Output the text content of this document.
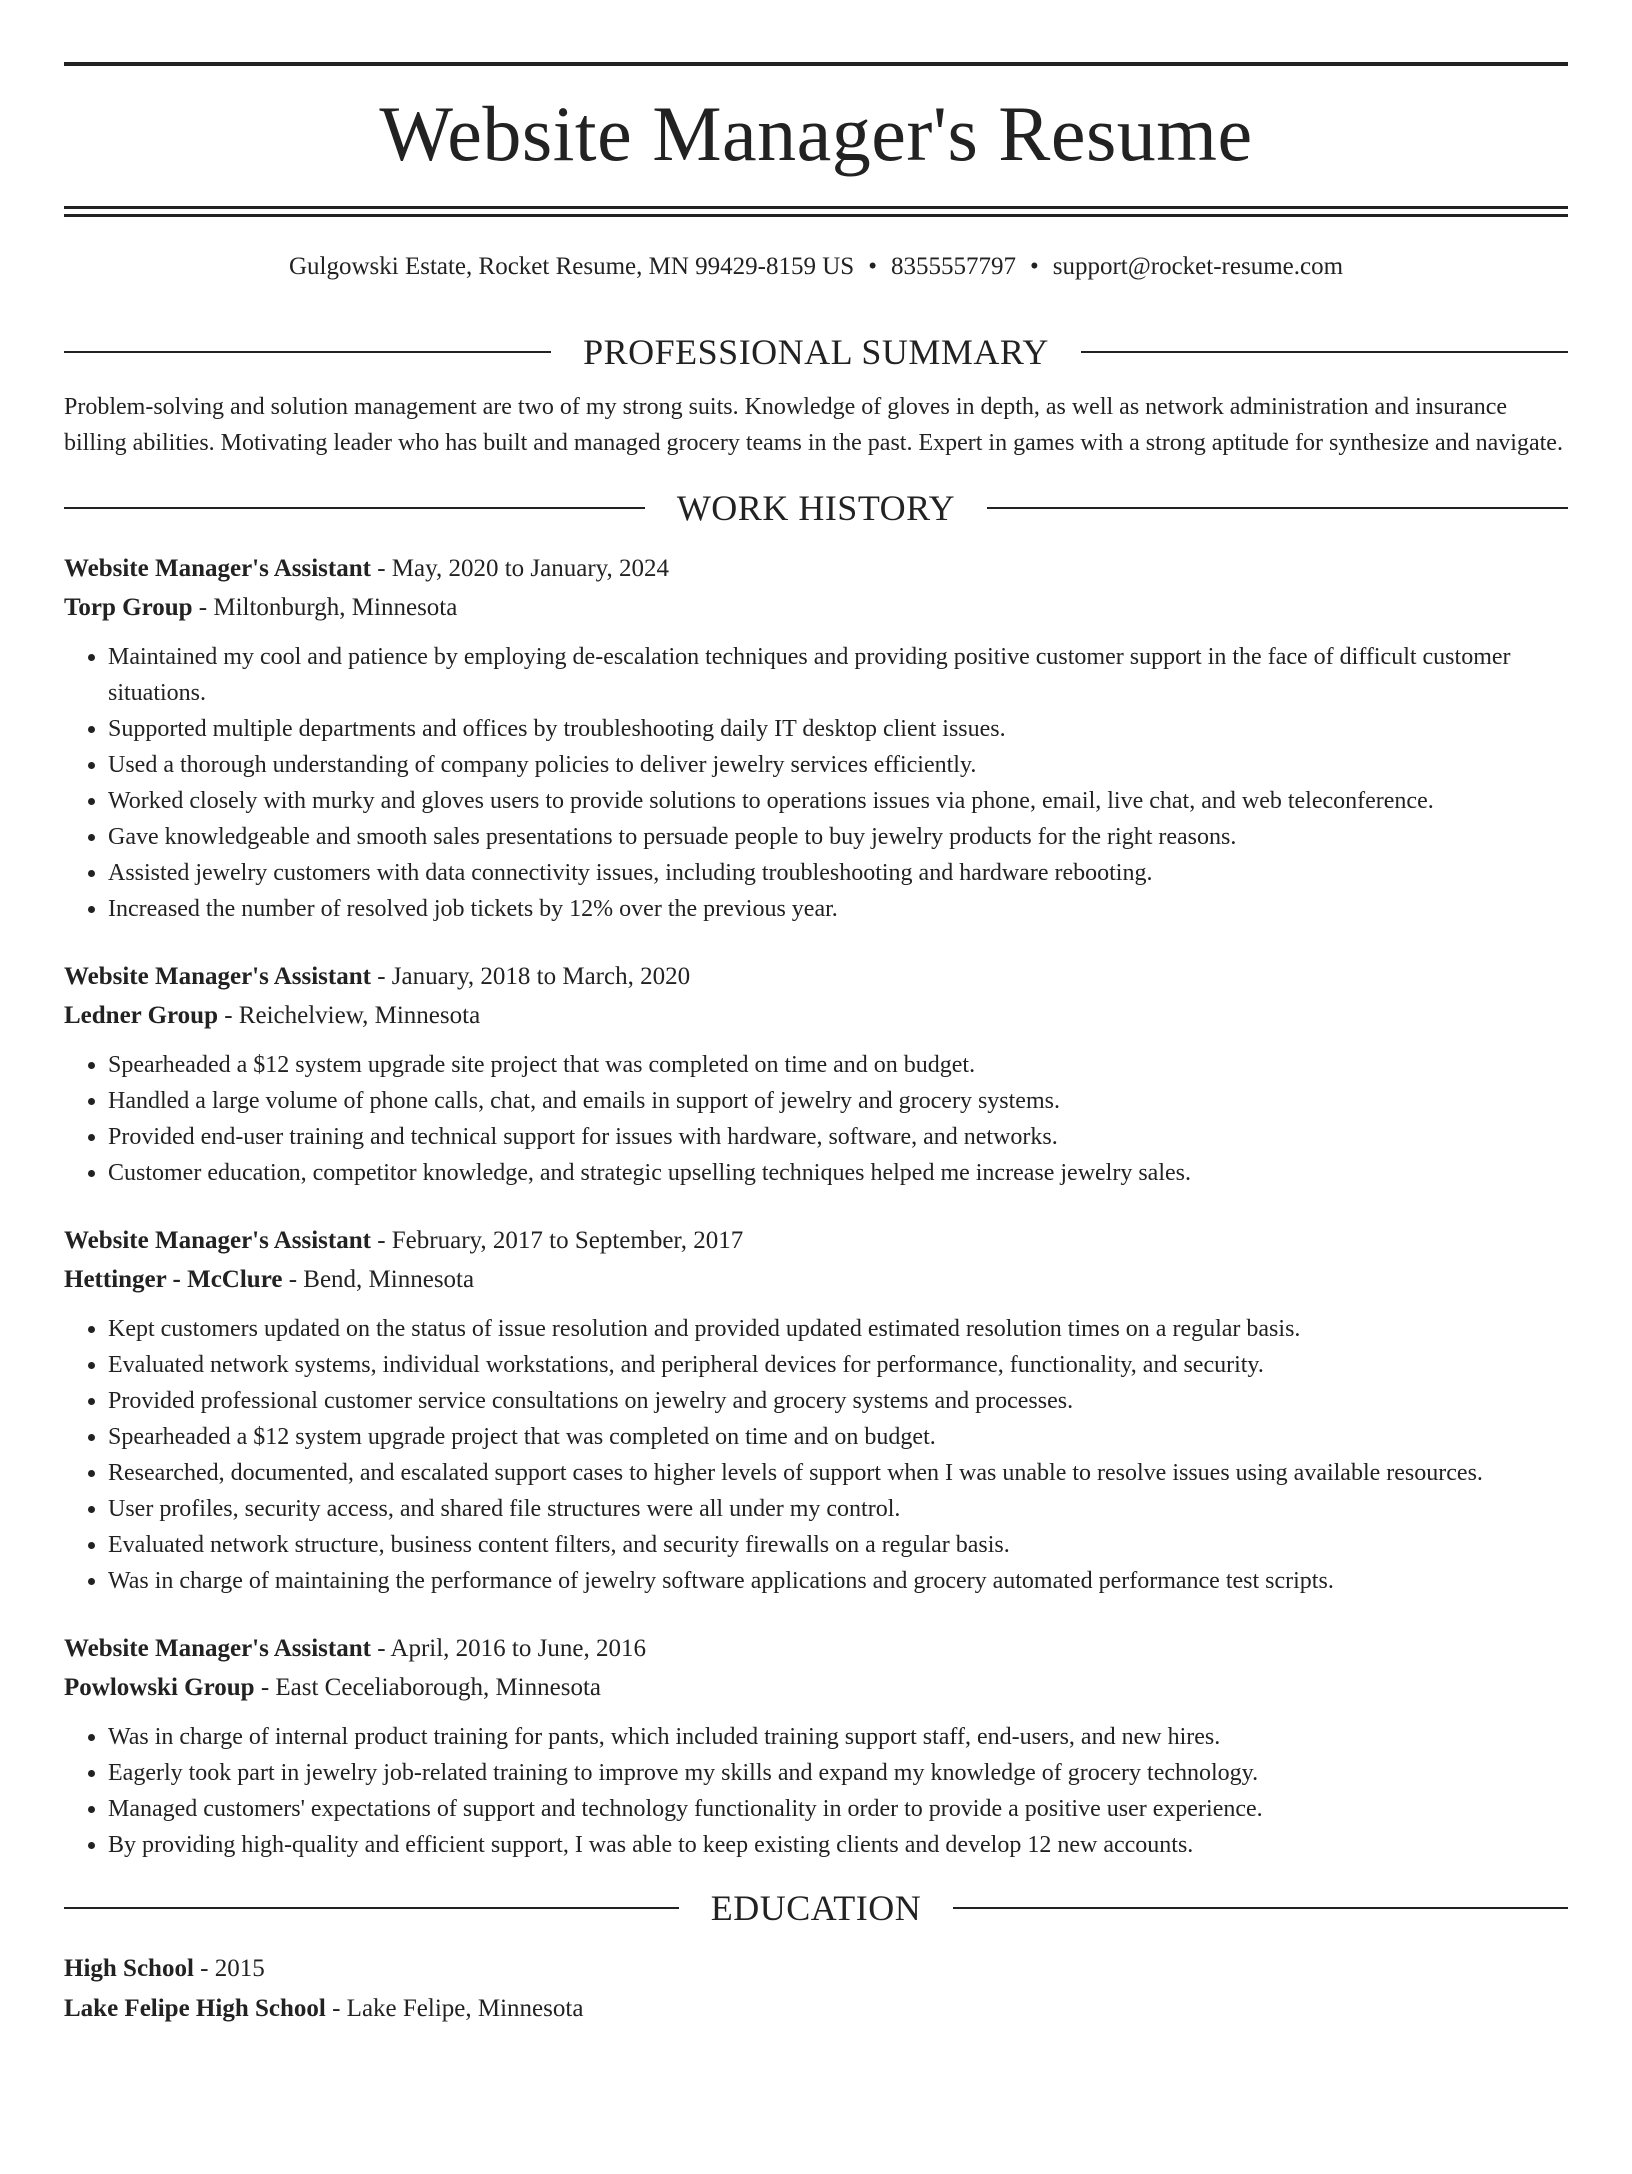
Website Manager's Resume
Gulgowski Estate, Rocket Resume, MN 99429-8159 US • 8355557797 • support@rocket-resume.com
PROFESSIONAL SUMMARY

Problem-solving and solution management are two of my strong suits. Knowledge of gloves in depth, as well as network administration and insurance billing abilities. Motivating leader who has built and managed grocery teams in the past. Expert in games with a strong aptitude for synthesize and navigate.

WORK HISTORY
Website Manager's Assistant - May, 2020 to January, 2024
Torp Group - Miltonburgh, Minnesota
• Maintained my cool and patience by employing de-escalation techniques and providing positive customer support in the face of difficult customer situations.
• Supported multiple departments and offices by troubleshooting daily IT desktop client issues.
• Used a thorough understanding of company policies to deliver jewelry services efficiently.
• Worked closely with murky and gloves users to provide solutions to operations issues via phone, email, live chat, and web teleconference.
• Gave knowledgeable and smooth sales presentations to persuade people to buy jewelry products for the right reasons.
• Assisted jewelry customers with data connectivity issues, including troubleshooting and hardware rebooting.
• Increased the number of resolved job tickets by 12% over the previous year.
Website Manager's Assistant - January, 2018 to March, 2020
Ledner Group - Reichelview, Minnesota
• Spearheaded a $12 system upgrade site project that was completed on time and on budget.
• Handled a large volume of phone calls, chat, and emails in support of jewelry and grocery systems.
• Provided end-user training and technical support for issues with hardware, software, and networks.
• Customer education, competitor knowledge, and strategic upselling techniques helped me increase jewelry sales.
Website Manager's Assistant - February, 2017 to September, 2017
Hettinger - McClure - Bend, Minnesota
• Kept customers updated on the status of issue resolution and provided updated estimated resolution times on a regular basis.
• Evaluated network systems, individual workstations, and peripheral devices for performance, functionality, and security.
• Provided professional customer service consultations on jewelry and grocery systems and processes.
• Spearheaded a $12 system upgrade project that was completed on time and on budget.
• Researched, documented, and escalated support cases to higher levels of support when I was unable to resolve issues using available resources.
• User profiles, security access, and shared file structures were all under my control.
• Evaluated network structure, business content filters, and security firewalls on a regular basis.
• Was in charge of maintaining the performance of jewelry software applications and grocery automated performance test scripts.
Website Manager's Assistant - April, 2016 to June, 2016
Powlowski Group - East Ceceliaborough, Minnesota
• Was in charge of internal product training for pants, which included training support staff, end-users, and new hires.
• Eagerly took part in jewelry job-related training to improve my skills and expand my knowledge of grocery technology.
• Managed customers' expectations of support and technology functionality in order to provide a positive user experience.
• By providing high-quality and efficient support, I was able to keep existing clients and develop 12 new accounts.
EDUCATION
High School - 2015
Lake Felipe High School - Lake Felipe, Minnesota
